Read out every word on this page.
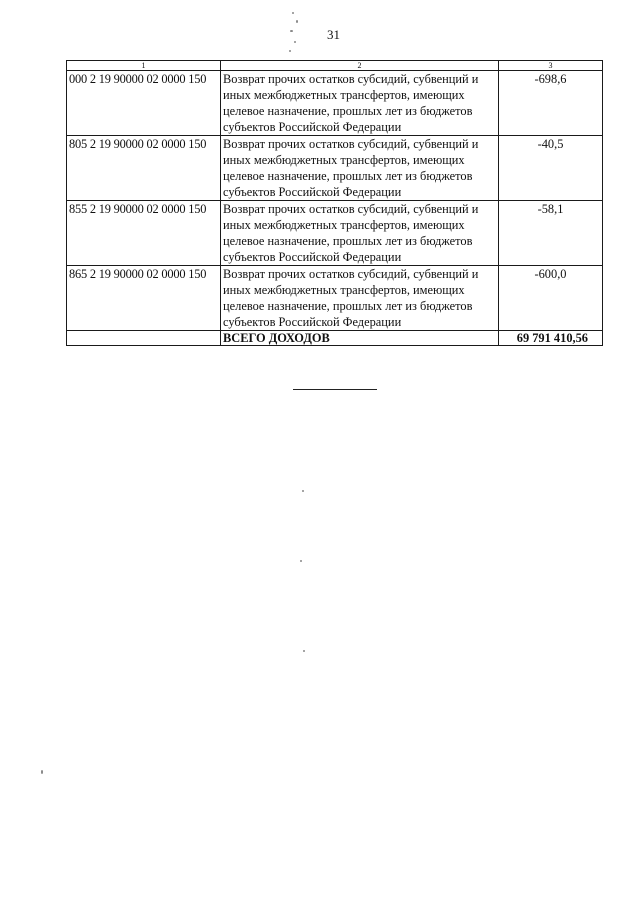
31
1	2	3
000 2 19 90000 02 0000 150	Возврат прочих остатков субсидий, субвенций и иных межбюджетных трансфертов, имеющих целевое назначение, прошлых лет из бюджетов субъектов Российской Федерации	-698,6
805 2 19 90000 02 0000 150	Возврат прочих остатков субсидий, субвенций и иных межбюджетных трансфертов, имеющих целевое назначение, прошлых лет из бюджетов субъектов Российской Федерации	-40,5
855 2 19 90000 02 0000 150	Возврат прочих остатков субсидий, субвенций и иных межбюджетных трансфертов, имеющих целевое назначение, прошлых лет из бюджетов субъектов Российской Федерации	-58,1
865 2 19 90000 02 0000 150	Возврат прочих остатков субсидий, субвенций и иных межбюджетных трансфертов, имеющих целевое назначение, прошлых лет из бюджетов субъектов Российской Федерации	-600,0
	ВСЕГО ДОХОДОВ	69 791 410,56
